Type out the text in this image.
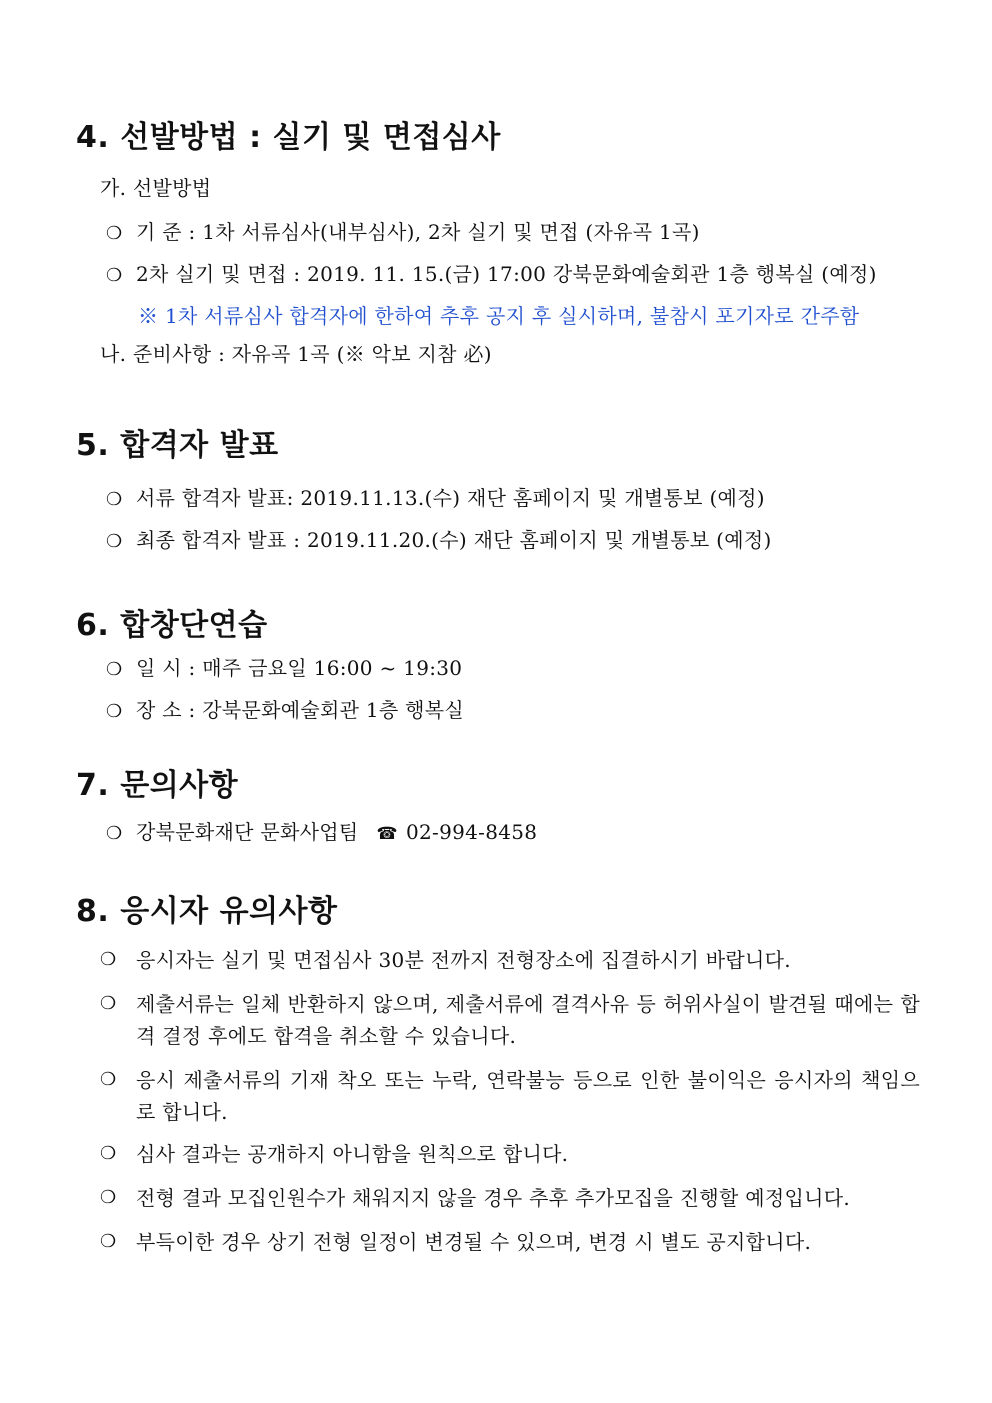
4. 선발방법 : 실기 및 면접심사
가. 선발방법
❍ 기 준 : 1차 서류심사(내부심사), 2차 실기 및 면접 (자유곡 1곡)
❍ 2차 실기 및 면접 : 2019. 11. 15.(금) 17:00 강북문화예술회관 1층 행복실 (예정)
※ 1차 서류심사 합격자에 한하여 추후 공지 후 실시하며, 불참시 포기자로 간주함
나. 준비사항 : 자유곡 1곡 (※ 악보 지참 必)
5. 합격자 발표
❍ 서류 합격자 발표: 2019.11.13.(수) 재단 홈페이지 및 개별통보 (예정)
❍ 최종 합격자 발표 : 2019.11.20.(수) 재단 홈페이지 및 개별통보 (예정)
6. 합창단연습
❍ 일 시 : 매주 금요일 16:00 ~ 19:30
❍ 장 소 : 강북문화예술회관 1층 행복실
7. 문의사항
❍ 강북문화재단 문화사업팀 ☎ 02-994-8458
8. 응시자 유의사항
❍ 응시자는 실기 및 면접심사 30분 전까지 전형장소에 집결하시기 바랍니다.
❍ 제출서류는 일체 반환하지 않으며, 제출서류에 결격사유 등 허위사실이 발견될 때에는 합격 결정 후에도 합격을 취소할 수 있습니다.
❍ 응시 제출서류의 기재 착오 또는 누락, 연락불능 등으로 인한 불이익은 응시자의 책임으로 합니다.
❍ 심사 결과는 공개하지 아니함을 원칙으로 합니다.
❍ 전형 결과 모집인원수가 채워지지 않을 경우 추후 추가모집을 진행할 예정입니다.
❍ 부득이한 경우 상기 전형 일정이 변경될 수 있으며, 변경 시 별도 공지합니다.
